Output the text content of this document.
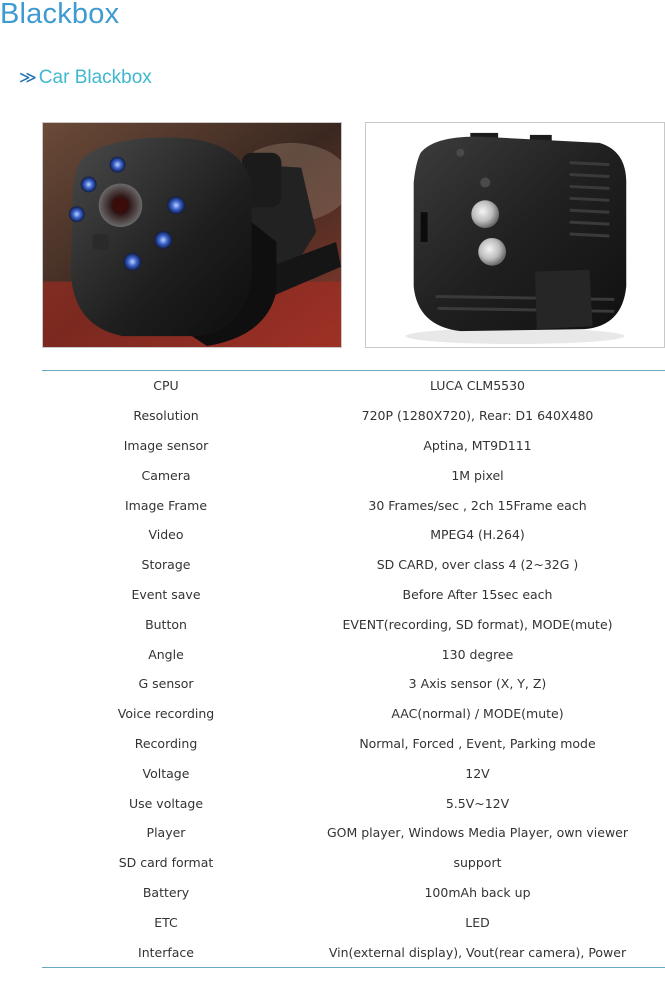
Blackbox
≫ Car Blackbox
CPU	LUCA CLM5530
Resolution	720P (1280X720), Rear: D1 640X480
Image sensor	Aptina, MT9D111
Camera	1M pixel
Image Frame	30 Frames/sec , 2ch 15Frame each
Video	MPEG4 (H.264)
Storage	SD CARD, over class 4 (2~32G )
Event save	Before After 15sec each
Button	EVENT(recording, SD format), MODE(mute)
Angle	130 degree
G sensor	3 Axis sensor (X, Y, Z)
Voice recording	AAC(normal) / MODE(mute)
Recording	Normal, Forced , Event, Parking mode
Voltage	12V
Use voltage	5.5V~12V
Player	GOM player, Windows Media Player, own viewer
SD card format	support
Battery	100mAh back up
ETC	LED
Interface	Vin(external display), Vout(rear camera), Power
